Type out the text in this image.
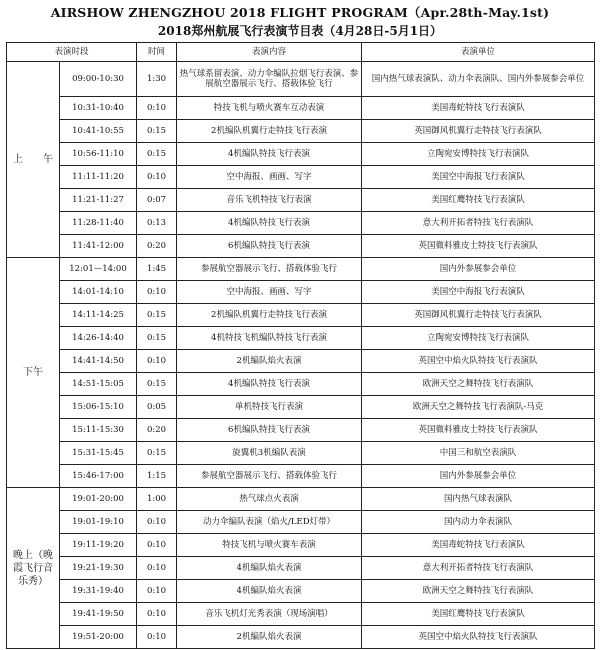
AIRSHOW ZHENGZHOU 2018 FLIGHT PROGRAM（Apr.28th-May.1st)
2018郑州航展飞行表演节目表（4月28日-5月1日）
表演时段		时间	表演内容	表演单位
上　　午	09:00-10:30	1:30	热气球系留表演、动力伞编队拉烟飞行表演、参展航空器展示飞行、搭载体验飞行	国内热气球表演队、动力伞表演队、国内外参展参会单位
	10:31-10:40	0:10	特技飞机与喷火赛车互动表演	美国毒蛇特技飞行表演队
	10:41-10:55	0:15	2机编队机翼行走特技飞行表演	英国御风机翼行走特技飞行表演队
	10:56-11:10	0:15	4机编队特技飞行表演	立陶宛安博特技飞行表演队
	11:11-11:20	0:10	空中海报、画画、写字	美国空中海报飞行表演队
	11:21-11:27	0:07	音乐飞机特技飞行表演	美国红鹰特技飞行表演队
	11:28-11:40	0:13	4机编队特技飞行表演	意大利开拓者特技飞行表演队
	11:41-12:00	0:20	6机编队特技飞行表演	英国微料雅皮士特技飞行表演队
下午	12:01—14:00	1:45	参展航空器展示飞行、搭载体验飞行	国内外参展参会单位
	14:01-14:10	0:10	空中海报、画画、写字	美国空中海报飞行表演队
	14:11-14:25	0:15	2机编队机翼行走特技飞行表演	英国御风机翼行走特技飞行表演队
	14:26-14:40	0:15	4机特技飞机编队特技飞行表演	立陶宛安博特技飞行表演队
	14:41-14:50	0:10	2机编队焰火表演	英国空中焰火队特技飞行表演队
	14:51-15:05	0:15	4机编队特技飞行表演	欧洲天空之舞特技飞行表演队
	15:06-15:10	0:05	单机特技飞行表演	欧洲天空之舞特技飞行表演队-马克
	15:11-15:30	0:20	6机编队特技飞行表演	英国微料雅皮士特技飞行表演队
	15:31-15:45	0:15	旋翼机3机编队表演	中国三和航空表演队
	15:46-17:00	1:15	参展航空器展示飞行、搭载体验飞行	国内外参展参会单位
晚上（晚霞飞行音乐秀）	19:01-20:00	1:00	热气球点火表演	国内热气球表演队
	19:01-19:10	0:10	动力伞编队表演（焰火/LED灯带）	国内动力伞表演队
	19:11-19:20	0:10	特技飞机与喷火赛车表演	美国毒蛇特技飞行表演队
	19:21-19:30	0:10	4机编队焰火表演	意大利开拓者特技飞行表演队
	19:31-19:40	0:10	4机编队焰火表演	欧洲天空之舞特技飞行表演队
	19:41-19:50	0:10	音乐飞机灯光秀表演（现场演唱）	美国红鹰特技飞行表演队
	19:51-20:00	0:10	2机编队焰火表演	英国空中焰火队特技飞行表演队
